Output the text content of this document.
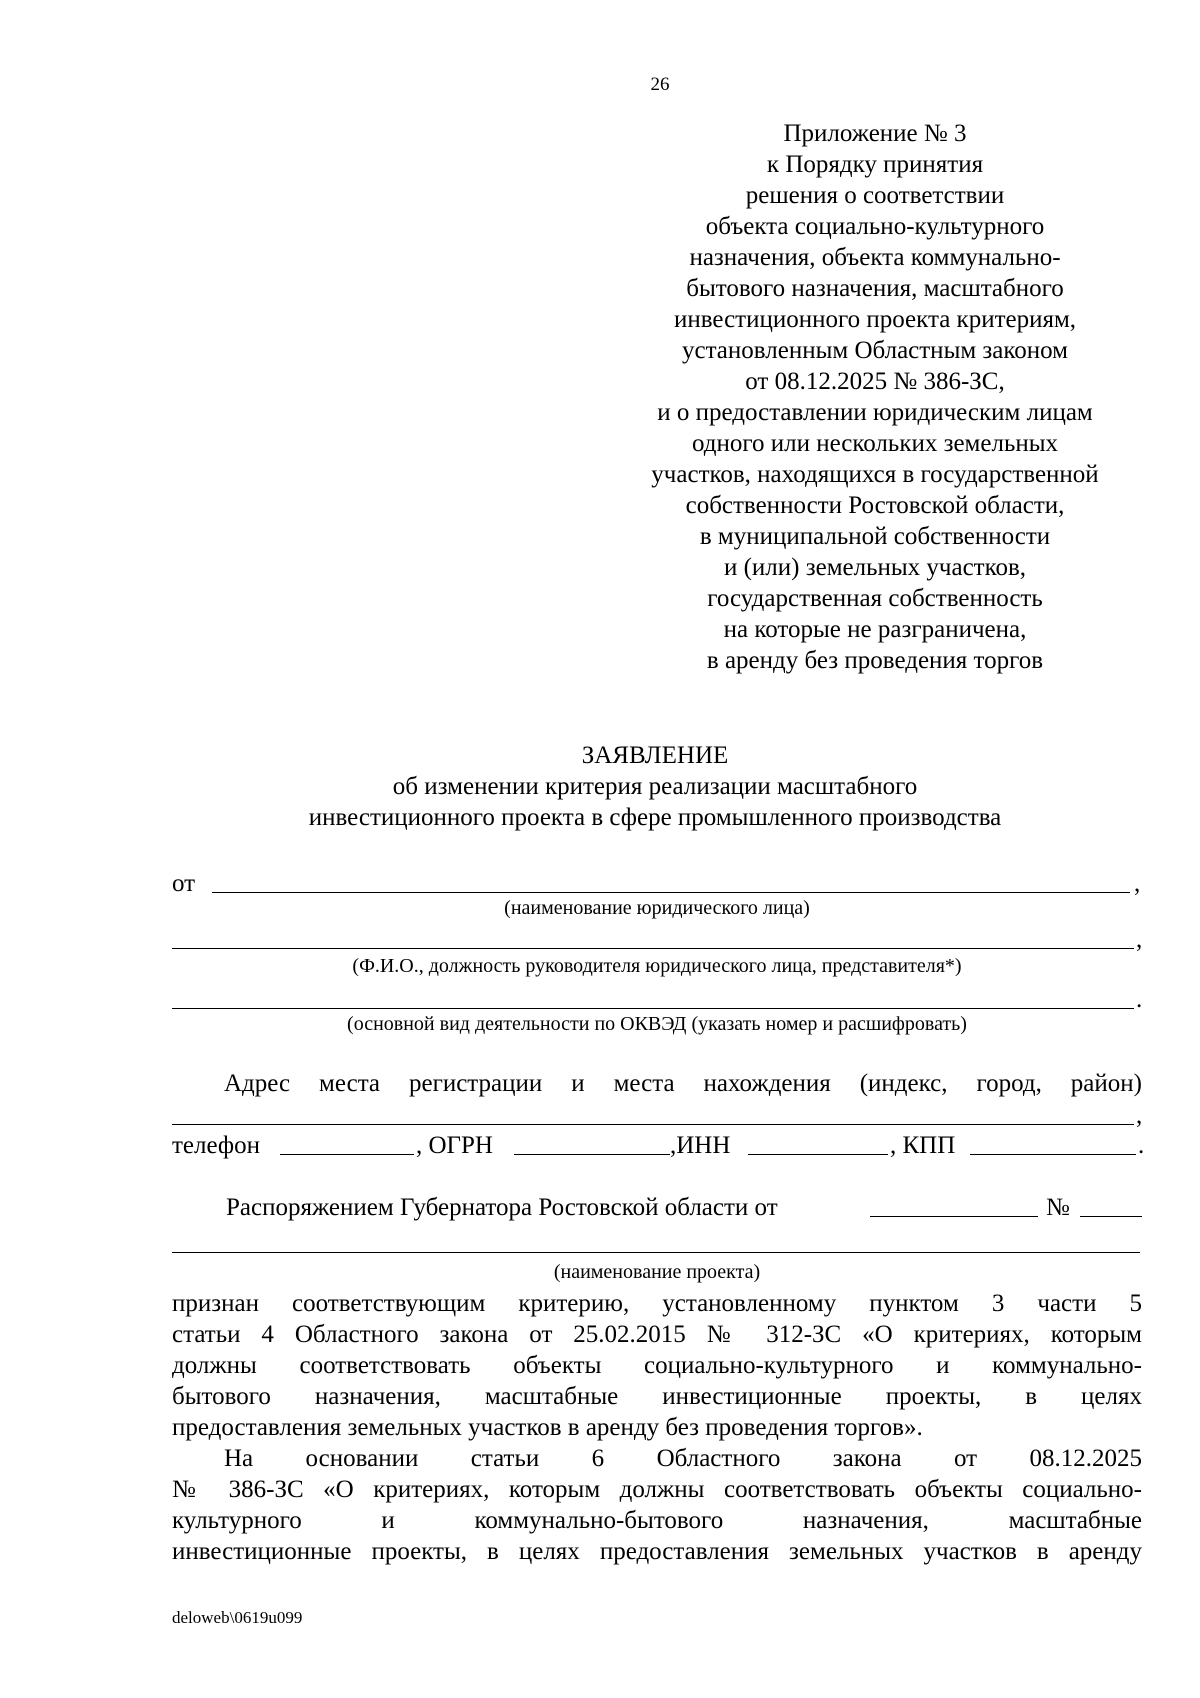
26
Приложение № 3
к Порядку принятия
решения о соответствии
объекта социально-культурного
назначения, объекта коммунально-
бытового назначения, масштабного
инвестиционного проекта критериям,
установленным Областным законом
от 08.12.2025 № 386-ЗС,
и о предоставлении юридическим лицам
одного или нескольких земельных
участков, находящихся в государственной
собственности Ростовской области,
в муниципальной собственности
и (или) земельных участков,
государственная собственность
на которые не разграничена,
в аренду без проведения торгов
ЗАЯВЛЕНИЕ
об изменении критерия реализации масштабного
инвестиционного проекта в сфере промышленного производства
от	,
(наименование юридического лица)
,
(Ф.И.О., должность руководителя юридического лица, представителя*)
.
(основной вид деятельности по ОКВЭД (указать номер и расшифровать)
Адрес места регистрации и места нахождения (индекс, город, район)
,
телефон	, ОГРН	,ИНН	, КПП	.
Распоряжением Губернатора Ростовской области от	№
(наименование проекта)
признан соответствующим критерию, установленному пунктом 3 части 5
статьи 4 Областного закона от 25.02.2015 № 312-ЗС «О критериях, которым
должны соответствовать объекты социально-культурного и коммунально-
бытового назначения, масштабные инвестиционные проекты, в целях
предоставления земельных участков в аренду без проведения торгов».
На основании статьи 6 Областного закона от 08.12.2025
№ 386-ЗС «О критериях, которым должны соответствовать объекты социально-
культурного и коммунально-бытового назначения, масштабные
инвестиционные проекты, в целях предоставления земельных участков в аренду
deloweb\0619u099
